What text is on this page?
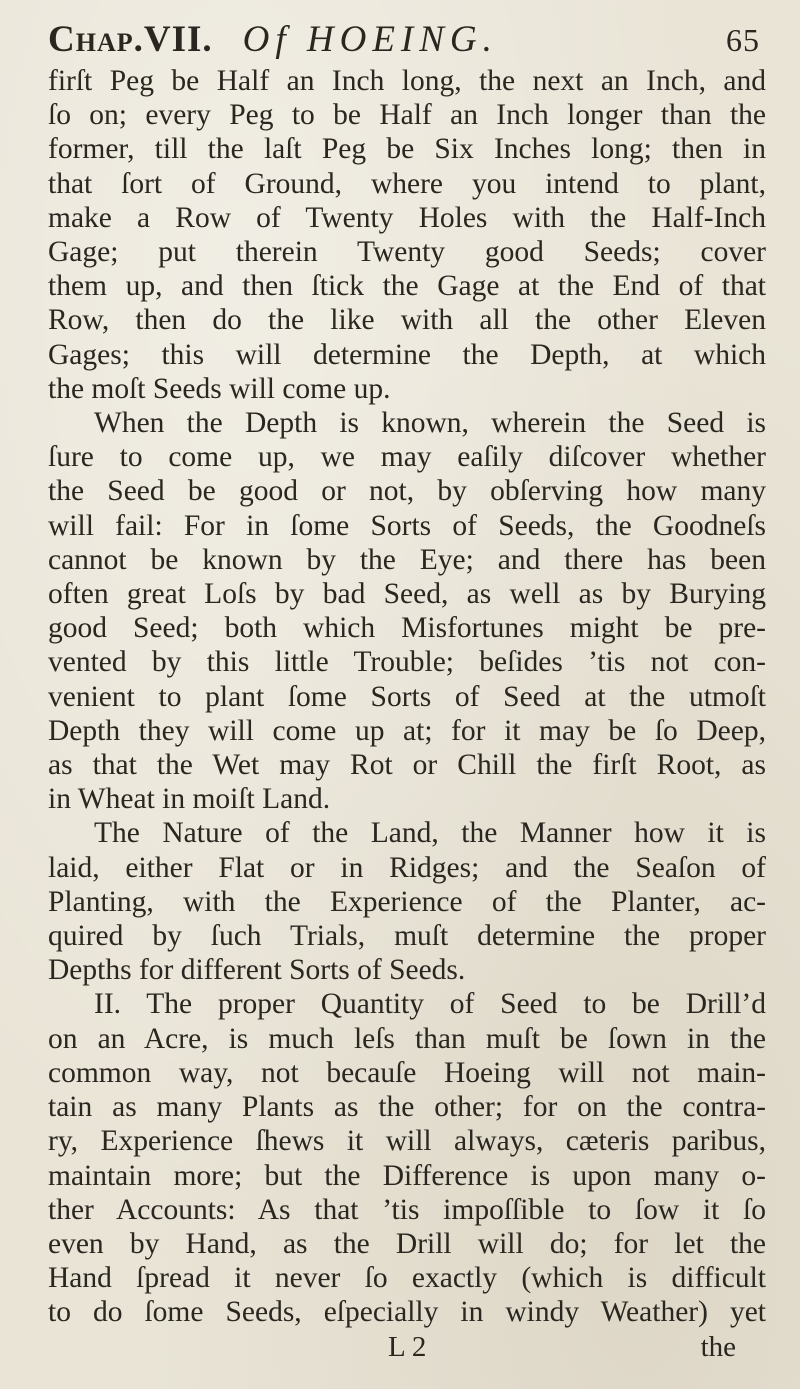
Chap.VII. Of HOEING.	65
firſt Peg be Half an Inch long, the next an Inch, and
ſo on; every Peg to be Half an Inch longer than the
former, till the laſt Peg be Six Inches long; then in
that ſort of Ground, where you intend to plant,
make a Row of Twenty Holes with the Half-Inch
Gage; put therein Twenty good Seeds; cover
them up, and then ſtick the Gage at the End of that
Row, then do the like with all the other Eleven
Gages; this will determine the Depth, at which
the moſt Seeds will come up.
When the Depth is known, wherein the Seed is
ſure to come up, we may eaſily diſcover whether
the Seed be good or not, by obſerving how many
will fail: For in ſome Sorts of Seeds, the Goodneſs
cannot be known by the Eye; and there has been
often great Loſs by bad Seed, as well as by Burying
good Seed; both which Misfortunes might be pre-
vented by this little Trouble; beſides ’tis not con-
venient to plant ſome Sorts of Seed at the utmoſt
Depth they will come up at; for it may be ſo Deep,
as that the Wet may Rot or Chill the firſt Root, as
in Wheat in moiſt Land.
The Nature of the Land, the Manner how it is
laid, either Flat or in Ridges; and the Seaſon of
Planting, with the Experience of the Planter, ac-
quired by ſuch Trials, muſt determine the proper
Depths for different Sorts of Seeds.
II. The proper Quantity of Seed to be Drill’d
on an Acre, is much leſs than muſt be ſown in the
common way, not becauſe Hoeing will not main-
tain as many Plants as the other; for on the contra-
ry, Experience ſhews it will always, cæteris paribus,
maintain more; but the Difference is upon many o-
ther Accounts: As that ’tis impoſſible to ſow it ſo
even by Hand, as the Drill will do; for let the
Hand ſpread it never ſo exactly (which is difficult
to do ſome Seeds, eſpecially in windy Weather) yet
L 2	the
